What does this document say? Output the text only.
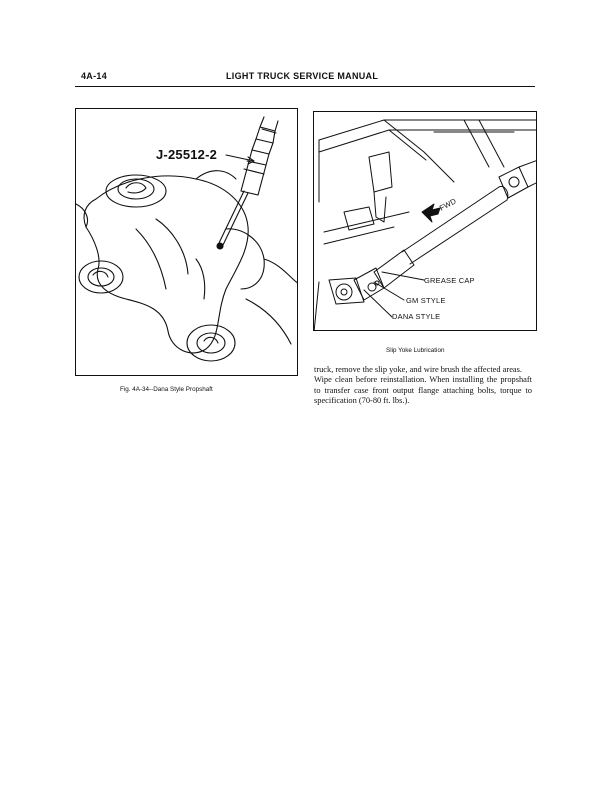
4A-14	LIGHT TRUCK SERVICE MANUAL
J-25512-2
Fig. 4A-34--Dana Style Propshaft
FWD
GREASE CAP
GM STYLE
DANA STYLE
Slip Yoke Lubrication

truck, remove the slip yoke, and wire brush the affected areas.

Wipe clean before reinstallation. When installing the propshaft to transfer case front output flange attaching bolts, torque to specification (70-80 ft. lbs.).
